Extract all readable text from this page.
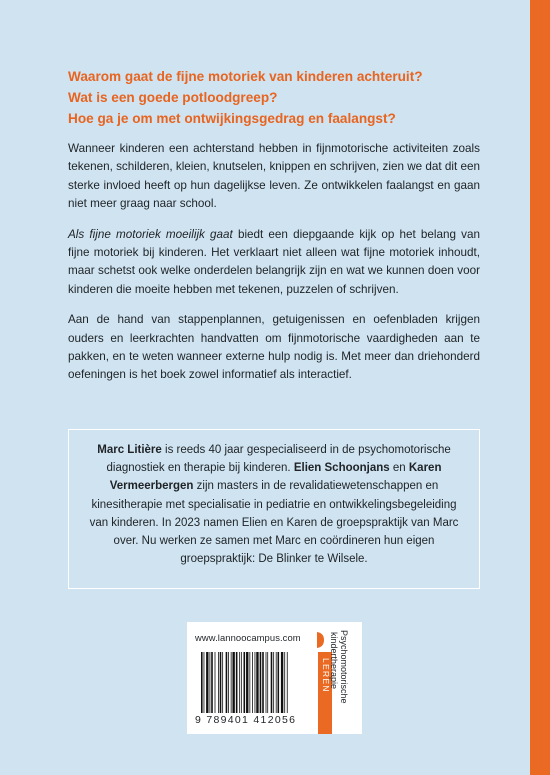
Waarom gaat de fijne motoriek van kinderen achteruit?
Wat is een goede potloodgreep?
Hoe ga je om met ontwijkingsgedrag en faalangst?

Wanneer kinderen een achterstand hebben in fijnmotorische activiteiten zoals tekenen, schilderen, kleien, knutselen, knippen en schrijven, zien we dat dit een sterke invloed heeft op hun dagelijkse leven. Ze ontwikkelen faalangst en gaan niet meer graag naar school.

Als fijne motoriek moeilijk gaat biedt een diepgaande kijk op het belang van fijne motoriek bij kinderen. Het verklaart niet alleen wat fijne motoriek inhoudt, maar schetst ook welke onderdelen belangrijk zijn en wat we kunnen doen voor kinderen die moeite hebben met tekenen, puzzelen of schrijven.

Aan de hand van stappenplannen, getuigenissen en oefenbladen krijgen ouders en leerkrachten handvatten om fijnmotorische vaardigheden aan te pakken, en te weten wanneer externe hulp nodig is. Met meer dan driehonderd oefeningen is het boek zowel informatief als interactief.

Marc Litière is reeds 40 jaar gespecialiseerd in de psychomotorische diagnostiek en therapie bij kinderen. Elien Schoonjans en Karen Vermeerbergen zijn masters in de revalidatiewetenschappen en kinesitherapie met specialisatie in pediatrie en ontwikkelingsbegeleiding van kinderen. In 2023 namen Elien en Karen de groepspraktijk van Marc over. Nu werken ze samen met Marc en coördineren hun eigen groepspraktijk: De Blinker te Wilsele.
www.lannoocampus.com
9 789401 412056
LEREN Psychomotorische
kindertherapie
